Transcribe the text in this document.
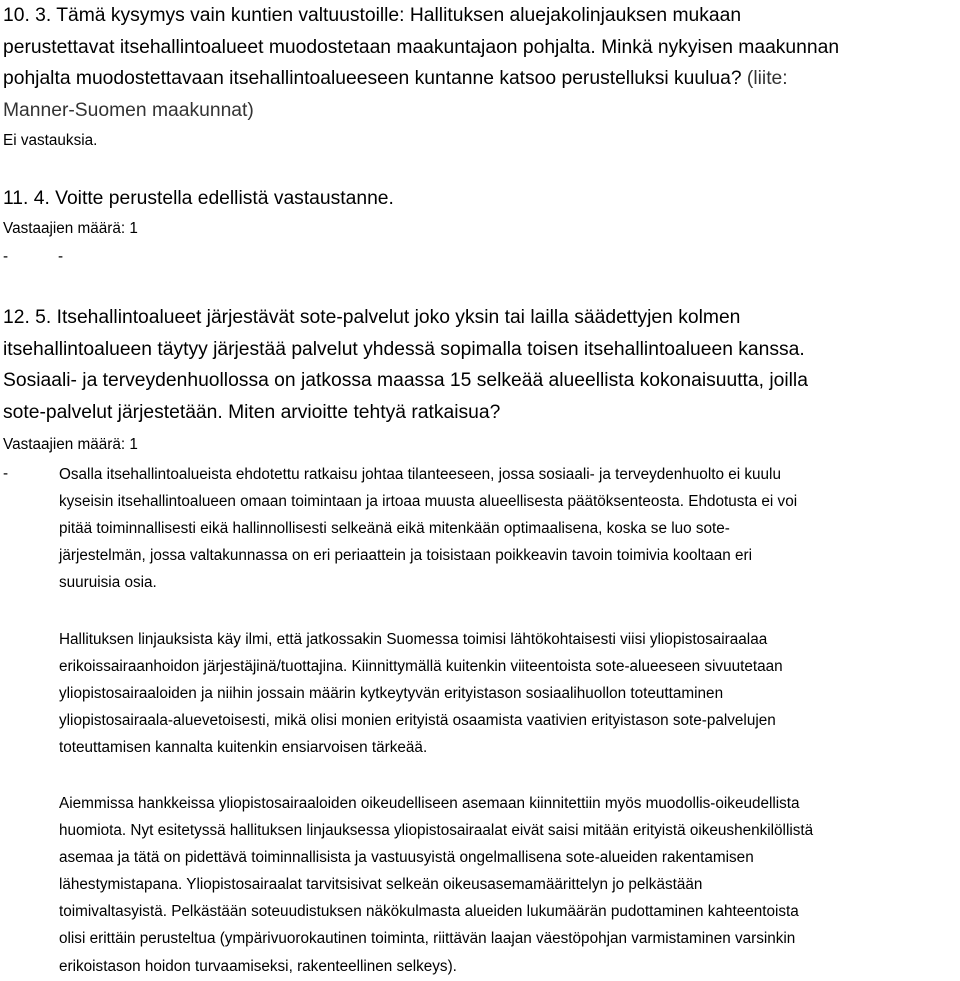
10. 3. Tämä kysymys vain kuntien valtuustoille: Hallituksen aluejakolinjauksen mukaan
perustettavat itsehallintoalueet muodostetaan maakuntajaon pohjalta. Minkä nykyisen maakunnan
pohjalta muodostettavaan itsehallintoalueeseen kuntanne katsoo perustelluksi kuulua? (liite:
Manner-Suomen maakunnat)
Ei vastauksia.
11. 4. Voitte perustella edellistä vastaustanne.
Vastaajien määrä: 1
-	-
12. 5. Itsehallintoalueet järjestävät sote-palvelut joko yksin tai lailla säädettyjen kolmen
itsehallintoalueen täytyy järjestää palvelut yhdessä sopimalla toisen itsehallintoalueen kanssa.
Sosiaali- ja terveydenhuollossa on jatkossa maassa 15 selkeää alueellista kokonaisuutta, joilla
sote-palvelut järjestetään. Miten arvioitte tehtyä ratkaisua?
Vastaajien määrä: 1
-	Osalla itsehallintoalueista ehdotettu ratkaisu johtaa tilanteeseen, jossa sosiaali- ja terveydenhuolto ei kuulu
kyseisin itsehallintoalueen omaan toimintaan ja irtoaa muusta alueellisesta päätöksenteosta. Ehdotusta ei voi
pitää toiminnallisesti eikä hallinnollisesti selkeänä eikä mitenkään optimaalisena, koska se luo sote-
järjestelmän, jossa valtakunnassa on eri periaattein ja toisistaan poikkeavin tavoin toimivia kooltaan eri
suuruisia osia.
Hallituksen linjauksista käy ilmi, että jatkossakin Suomessa toimisi lähtökohtaisesti viisi yliopistosairaalaa
erikoissairaanhoidon järjestäjinä/tuottajina. Kiinnittymällä kuitenkin viiteentoista sote-alueeseen sivuutetaan
yliopistosairaaloiden ja niihin jossain määrin kytkeytyvän erityistason sosiaalihuollon toteuttaminen
yliopistosairaala-aluevetoisesti, mikä olisi monien erityistä osaamista vaativien erityistason sote-palvelujen
toteuttamisen kannalta kuitenkin ensiarvoisen tärkeää.
Aiemmissa hankkeissa yliopistosairaaloiden oikeudelliseen asemaan kiinnitettiin myös muodollis-oikeudellista
huomiota. Nyt esitetyssä hallituksen linjauksessa yliopistosairaalat eivät saisi mitään erityistä oikeushenkilöllistä
asemaa ja tätä on pidettävä toiminnallisista ja vastuusyistä ongelmallisena sote-alueiden rakentamisen
lähestymistapana. Yliopistosairaalat tarvitsisivat selkeän oikeusasemamäärittelyn jo pelkästään
toimivaltasyistä. Pelkästään soteuudistuksen näkökulmasta alueiden lukumäärän pudottaminen kahteentoista
olisi erittäin perusteltua (ympärivuorokautinen toiminta, riittävän laajan väestöpohjan varmistaminen varsinkin
erikoistason hoidon turvaamiseksi, rakenteellinen selkeys).
